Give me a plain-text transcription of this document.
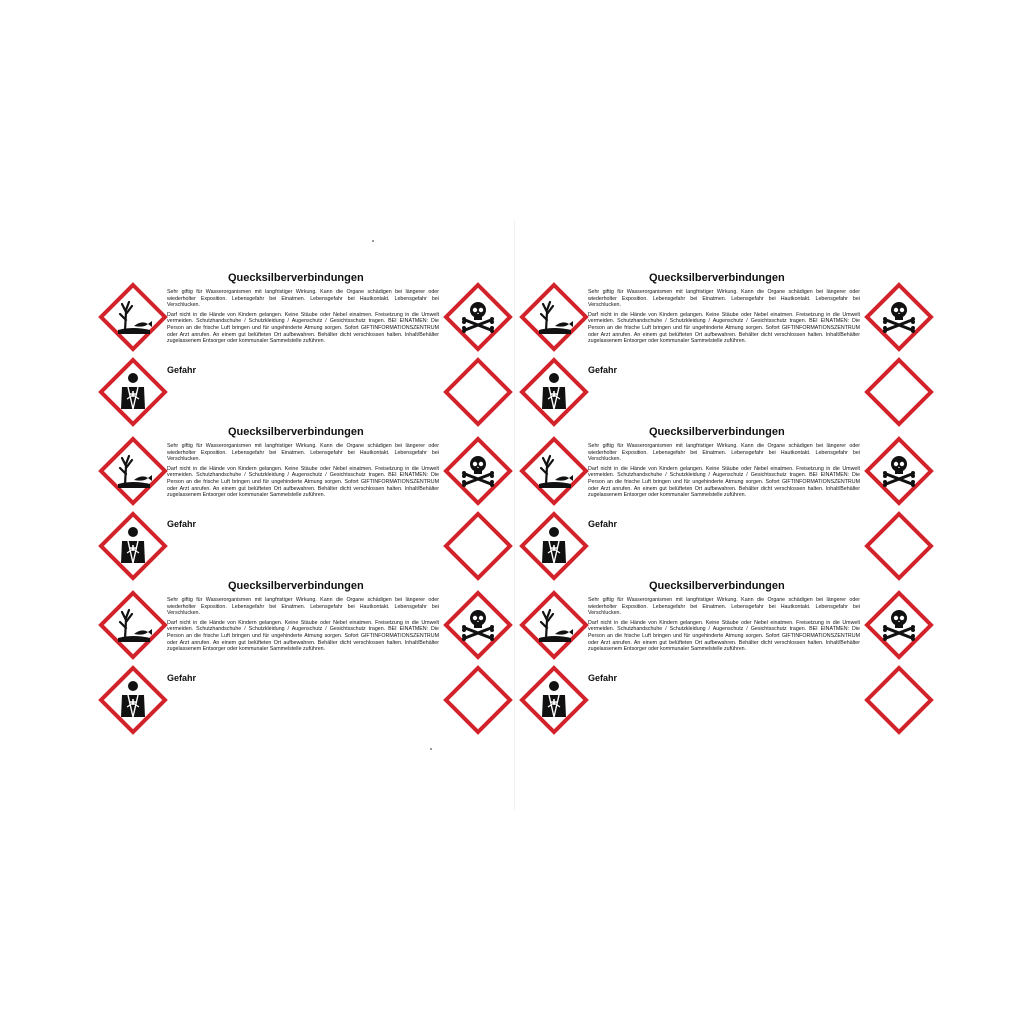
Quecksilberverbindungen

Sehr giftig für Wasserorganismen mit langfristiger Wirkung. Kann die Organe schädigen bei längerer oder wiederholter Exposition. Lebensgefahr bei Einatmen. Lebensgefahr bei Hautkontakt. Lebensgefahr bei Verschlucken.

Darf nicht in die Hände von Kindern gelangen. Keine Stäube oder Nebel einatmen. Freisetzung in die Umwelt vermeiden. Schutzhandschuhe / Schutzkleidung / Augenschutz / Gesichtsschutz tragen. BEI EINATMEN: Die Person an die frische Luft bringen und für ungehinderte Atmung sorgen. Sofort GIFTINFORMATIONSZENTRUM oder Arzt anrufen. An einem gut belüfteten Ort aufbewahren. Behälter dicht verschlossen halten. Inhalt/Behälter zugelassenem Entsorger oder kommunaler Sammelstelle zuführen.

Gefahr
Quecksilberverbindungen

Sehr giftig für Wasserorganismen mit langfristiger Wirkung. Kann die Organe schädigen bei längerer oder wiederholter Exposition. Lebensgefahr bei Einatmen. Lebensgefahr bei Hautkontakt. Lebensgefahr bei Verschlucken.

Darf nicht in die Hände von Kindern gelangen. Keine Stäube oder Nebel einatmen. Freisetzung in die Umwelt vermeiden. Schutzhandschuhe / Schutzkleidung / Augenschutz / Gesichtsschutz tragen. BEI EINATMEN: Die Person an die frische Luft bringen und für ungehinderte Atmung sorgen. Sofort GIFTINFORMATIONSZENTRUM oder Arzt anrufen. An einem gut belüfteten Ort aufbewahren. Behälter dicht verschlossen halten. Inhalt/Behälter zugelassenem Entsorger oder kommunaler Sammelstelle zuführen.

Gefahr
Quecksilberverbindungen

Sehr giftig für Wasserorganismen mit langfristiger Wirkung. Kann die Organe schädigen bei längerer oder wiederholter Exposition. Lebensgefahr bei Einatmen. Lebensgefahr bei Hautkontakt. Lebensgefahr bei Verschlucken.

Darf nicht in die Hände von Kindern gelangen. Keine Stäube oder Nebel einatmen. Freisetzung in die Umwelt vermeiden. Schutzhandschuhe / Schutzkleidung / Augenschutz / Gesichtsschutz tragen. BEI EINATMEN: Die Person an die frische Luft bringen und für ungehinderte Atmung sorgen. Sofort GIFTINFORMATIONSZENTRUM oder Arzt anrufen. An einem gut belüfteten Ort aufbewahren. Behälter dicht verschlossen halten. Inhalt/Behälter zugelassenem Entsorger oder kommunaler Sammelstelle zuführen.

Gefahr
Quecksilberverbindungen

Sehr giftig für Wasserorganismen mit langfristiger Wirkung. Kann die Organe schädigen bei längerer oder wiederholter Exposition. Lebensgefahr bei Einatmen. Lebensgefahr bei Hautkontakt. Lebensgefahr bei Verschlucken.

Darf nicht in die Hände von Kindern gelangen. Keine Stäube oder Nebel einatmen. Freisetzung in die Umwelt vermeiden. Schutzhandschuhe / Schutzkleidung / Augenschutz / Gesichtsschutz tragen. BEI EINATMEN: Die Person an die frische Luft bringen und für ungehinderte Atmung sorgen. Sofort GIFTINFORMATIONSZENTRUM oder Arzt anrufen. An einem gut belüfteten Ort aufbewahren. Behälter dicht verschlossen halten. Inhalt/Behälter zugelassenem Entsorger oder kommunaler Sammelstelle zuführen.

Gefahr
Quecksilberverbindungen

Sehr giftig für Wasserorganismen mit langfristiger Wirkung. Kann die Organe schädigen bei längerer oder wiederholter Exposition. Lebensgefahr bei Einatmen. Lebensgefahr bei Hautkontakt. Lebensgefahr bei Verschlucken.

Darf nicht in die Hände von Kindern gelangen. Keine Stäube oder Nebel einatmen. Freisetzung in die Umwelt vermeiden. Schutzhandschuhe / Schutzkleidung / Augenschutz / Gesichtsschutz tragen. BEI EINATMEN: Die Person an die frische Luft bringen und für ungehinderte Atmung sorgen. Sofort GIFTINFORMATIONSZENTRUM oder Arzt anrufen. An einem gut belüfteten Ort aufbewahren. Behälter dicht verschlossen halten. Inhalt/Behälter zugelassenem Entsorger oder kommunaler Sammelstelle zuführen.

Gefahr
Quecksilberverbindungen

Sehr giftig für Wasserorganismen mit langfristiger Wirkung. Kann die Organe schädigen bei längerer oder wiederholter Exposition. Lebensgefahr bei Einatmen. Lebensgefahr bei Hautkontakt. Lebensgefahr bei Verschlucken.

Darf nicht in die Hände von Kindern gelangen. Keine Stäube oder Nebel einatmen. Freisetzung in die Umwelt vermeiden. Schutzhandschuhe / Schutzkleidung / Augenschutz / Gesichtsschutz tragen. BEI EINATMEN: Die Person an die frische Luft bringen und für ungehinderte Atmung sorgen. Sofort GIFTINFORMATIONSZENTRUM oder Arzt anrufen. An einem gut belüfteten Ort aufbewahren. Behälter dicht verschlossen halten. Inhalt/Behälter zugelassenem Entsorger oder kommunaler Sammelstelle zuführen.

Gefahr
